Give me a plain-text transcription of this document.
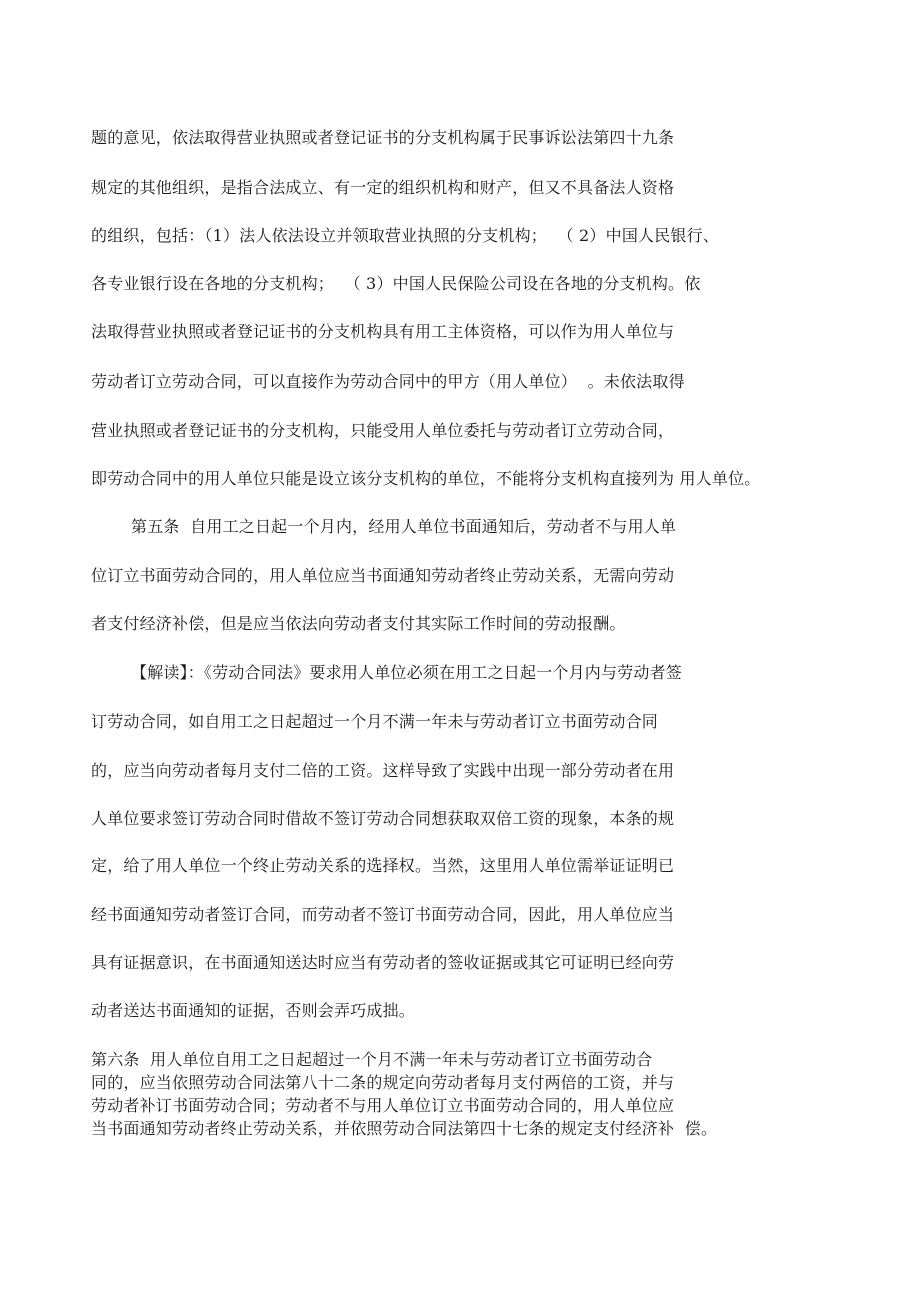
题的意见，依法取得营业执照或者登记证书的分支机构属于民事诉讼法第四十九条
规定的其他组织，是指合法成立、有一定的组织机构和财产，但又不具备法人资格
的组织，包括：（1）法人依法设立并领取营业执照的分支机构；  （ 2）中国人民银行、
各专业银行设在各地的分支机构；  （ 3）中国人民保险公司设在各地的分支机构。依
法取得营业执照或者登记证书的分支机构具有用工主体资格，可以作为用人单位与
劳动者订立劳动合同，可以直接作为劳动合同中的甲方（用人单位）  。未依法取得
营业执照或者登记证书的分支机构，只能受用人单位委托与劳动者订立劳动合同，
即劳动合同中的用人单位只能是设立该分支机构的单位，不能将分支机构直接列为 用人单位。
第五条  自用工之日起一个月内，经用人单位书面通知后，劳动者不与用人单
位订立书面劳动合同的，用人单位应当书面通知劳动者终止劳动关系，无需向劳动
者支付经济补偿，但是应当依法向劳动者支付其实际工作时间的劳动报酬。
【解读】：《劳动合同法》要求用人单位必须在用工之日起一个月内与劳动者签
订劳动合同，如自用工之日起超过一个月不满一年未与劳动者订立书面劳动合同
的，应当向劳动者每月支付二倍的工资。这样导致了实践中出现一部分劳动者在用
人单位要求签订劳动合同时借故不签订劳动合同想获取双倍工资的现象，本条的规
定，给了用人单位一个终止劳动关系的选择权。当然，这里用人单位需举证证明已
经书面通知劳动者签订合同，而劳动者不签订书面劳动合同，因此，用人单位应当
具有证据意识，在书面通知送达时应当有劳动者的签收证据或其它可证明已经向劳
动者送达书面通知的证据，否则会弄巧成拙。
第六条  用人单位自用工之日起超过一个月不满一年未与劳动者订立书面劳动合
同的，应当依照劳动合同法第八十二条的规定向劳动者每月支付两倍的工资，并与
劳动者补订书面劳动合同；劳动者不与用人单位订立书面劳动合同的，用人单位应
当书面通知劳动者终止劳动关系，并依照劳动合同法第四十七条的规定支付经济补  偿。
